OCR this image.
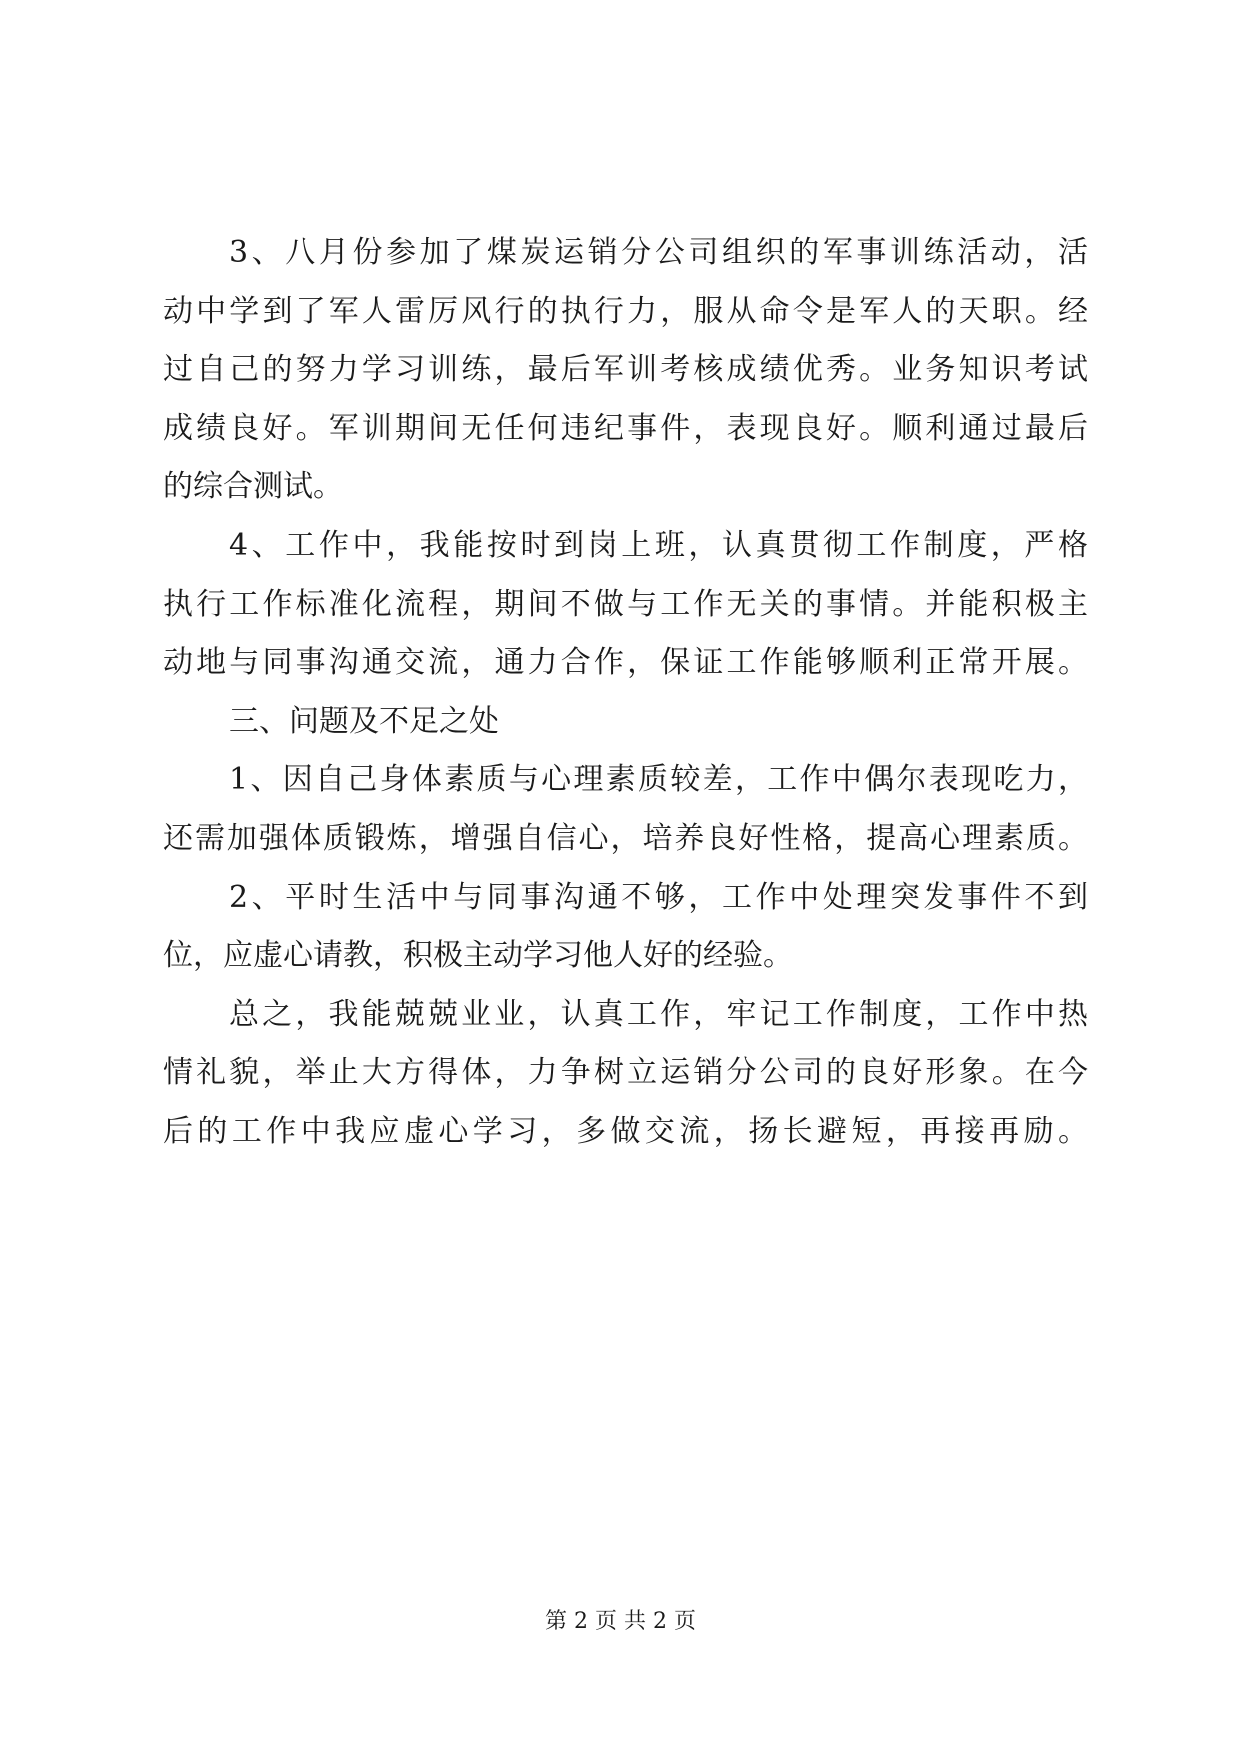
3、八月份参加了煤炭运销分公司组织的军事训练活动，活
动中学到了军人雷厉风行的执行力，服从命令是军人的天职。经
过自己的努力学习训练，最后军训考核成绩优秀。业务知识考试
成绩良好。军训期间无任何违纪事件，表现良好。顺利通过最后
的综合测试。
4、工作中，我能按时到岗上班，认真贯彻工作制度，严格
执行工作标准化流程，期间不做与工作无关的事情。并能积极主
动地与同事沟通交流，通力合作，保证工作能够顺利正常开展。
三、问题及不足之处
1、因自己身体素质与心理素质较差，工作中偶尔表现吃力，
还需加强体质锻炼，增强自信心，培养良好性格，提高心理素质。
2、平时生活中与同事沟通不够，工作中处理突发事件不到
位，应虚心请教，积极主动学习他人好的经验。
总之，我能兢兢业业，认真工作，牢记工作制度，工作中热
情礼貌，举止大方得体，力争树立运销分公司的良好形象。在今
后的工作中我应虚心学习，多做交流，扬长避短，再接再励。
第 2 页 共 2 页
